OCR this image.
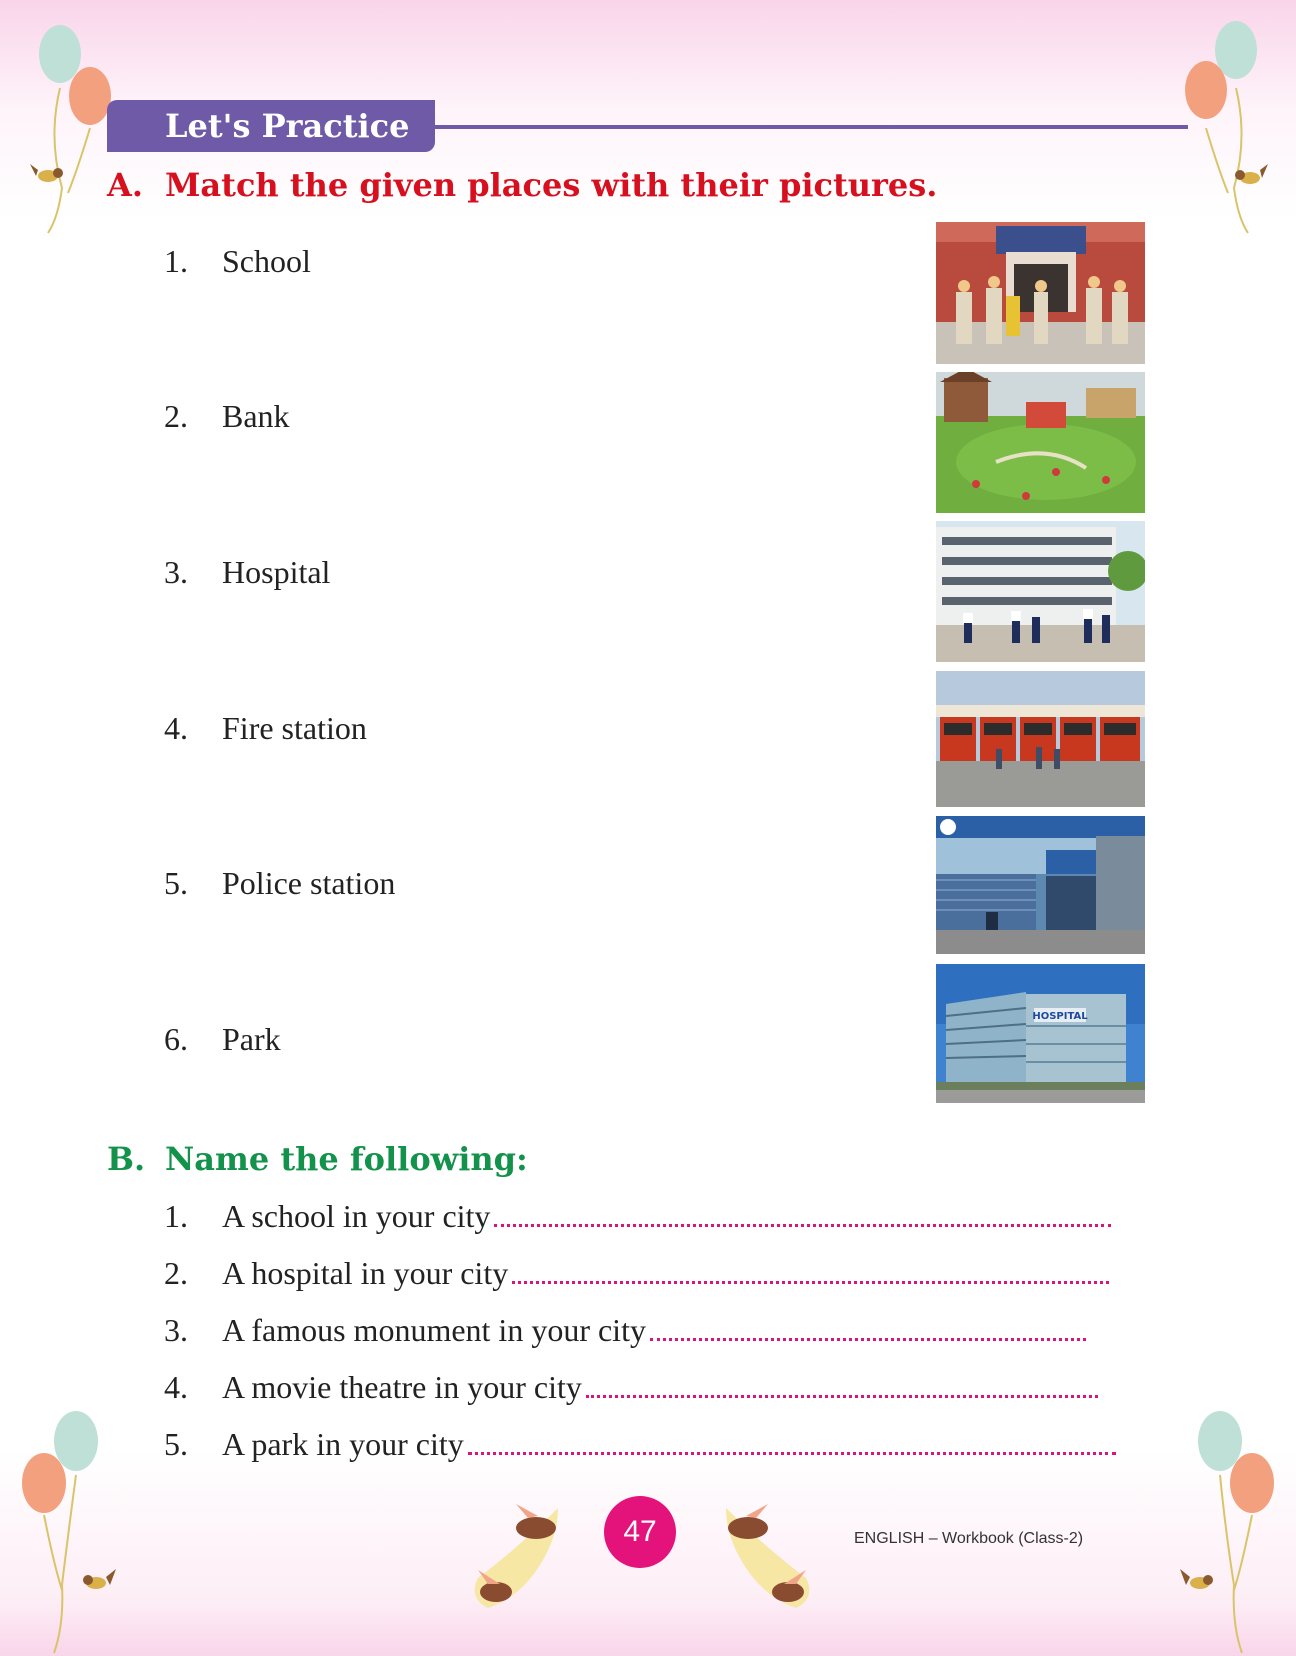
Let's Practice
A. Match the given places with their pictures.
1. School
2. Bank
3. Hospital
4. Fire station
5. Police station
6. Park
HOSPITAL
B. Name the following:
1. A school in your city
2. A hospital in your city
3. A famous monument in your city
4. A movie theatre in your city
5. A park in your city
47	ENGLISH – Workbook (Class-2)
